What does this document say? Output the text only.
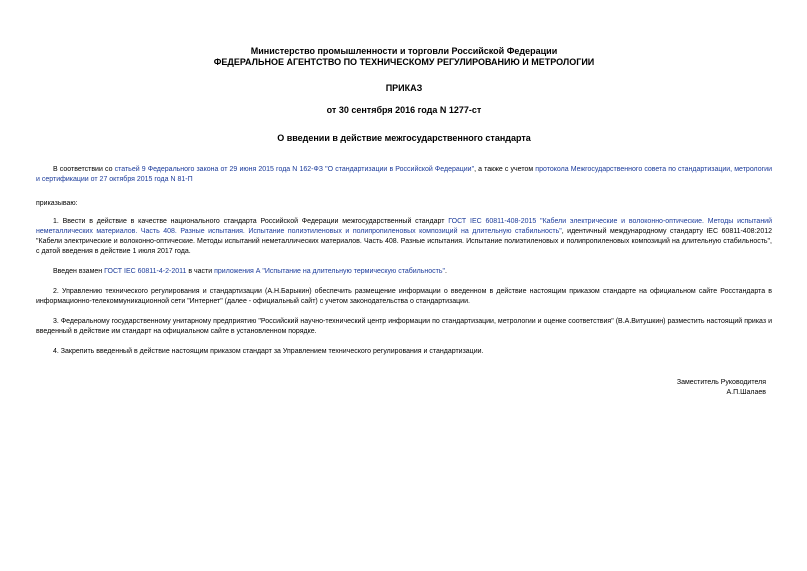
Министерство промышленности и торговли Российской Федерации
ФЕДЕРАЛЬНОЕ АГЕНТСТВО ПО ТЕХНИЧЕСКОМУ РЕГУЛИРОВАНИЮ И МЕТРОЛОГИИ
ПРИКАЗ
от 30 сентября 2016 года N 1277-ст
О введении в действие межгосударственного стандарта

В соответствии со статьей 9 Федерального закона от 29 июня 2015 года N 162-ФЗ "О стандартизации в Российской Федерации", а также с учетом протокола Межгосударственного совета по стандартизации, метрологии и сертификации от 27 октября 2015 года N 81-П

приказываю:

1. Ввести в действие в качестве национального стандарта Российской Федерации межгосударственный стандарт ГОСТ IEC 60811-408-2015 "Кабели электрические и волоконно-оптические. Методы испытаний неметаллических материалов. Часть 408. Разные испытания. Испытание полиэтиленовых и полипропиленовых композиций на длительную стабильность", идентичный международному стандарту IEC 60811-408:2012 "Кабели электрические и волоконно-оптические. Методы испытаний неметаллических материалов. Часть 408. Разные испытания. Испытание полиэтиленовых и полипропиленовых композиций на длительную стабильность", с датой введения в действие 1 июля 2017 года.

Введен взамен ГОСТ IEC 60811-4-2-2011 в части приложения А "Испытание на длительную термическую стабильность".

2. Управлению технического регулирования и стандартизации (А.Н.Барыкин) обеспечить размещение информации о введенном в действие настоящим приказом стандарте на официальном сайте Росстандарта в информационно-телекоммуникационной сети "Интернет" (далее - официальный сайт) с учетом законодательства о стандартизации.

3. Федеральному государственному унитарному предприятию "Российский научно-технический центр информации по стандартизации, метрологии и оценке соответствия" (В.А.Витушкин) разместить настоящий приказ и введенный в действие им стандарт на официальном сайте в установленном порядке.

4. Закрепить введенный в действие настоящим приказом стандарт за Управлением технического регулирования и стандартизации.

Заместитель Руководителя
А.П.Шалаев
